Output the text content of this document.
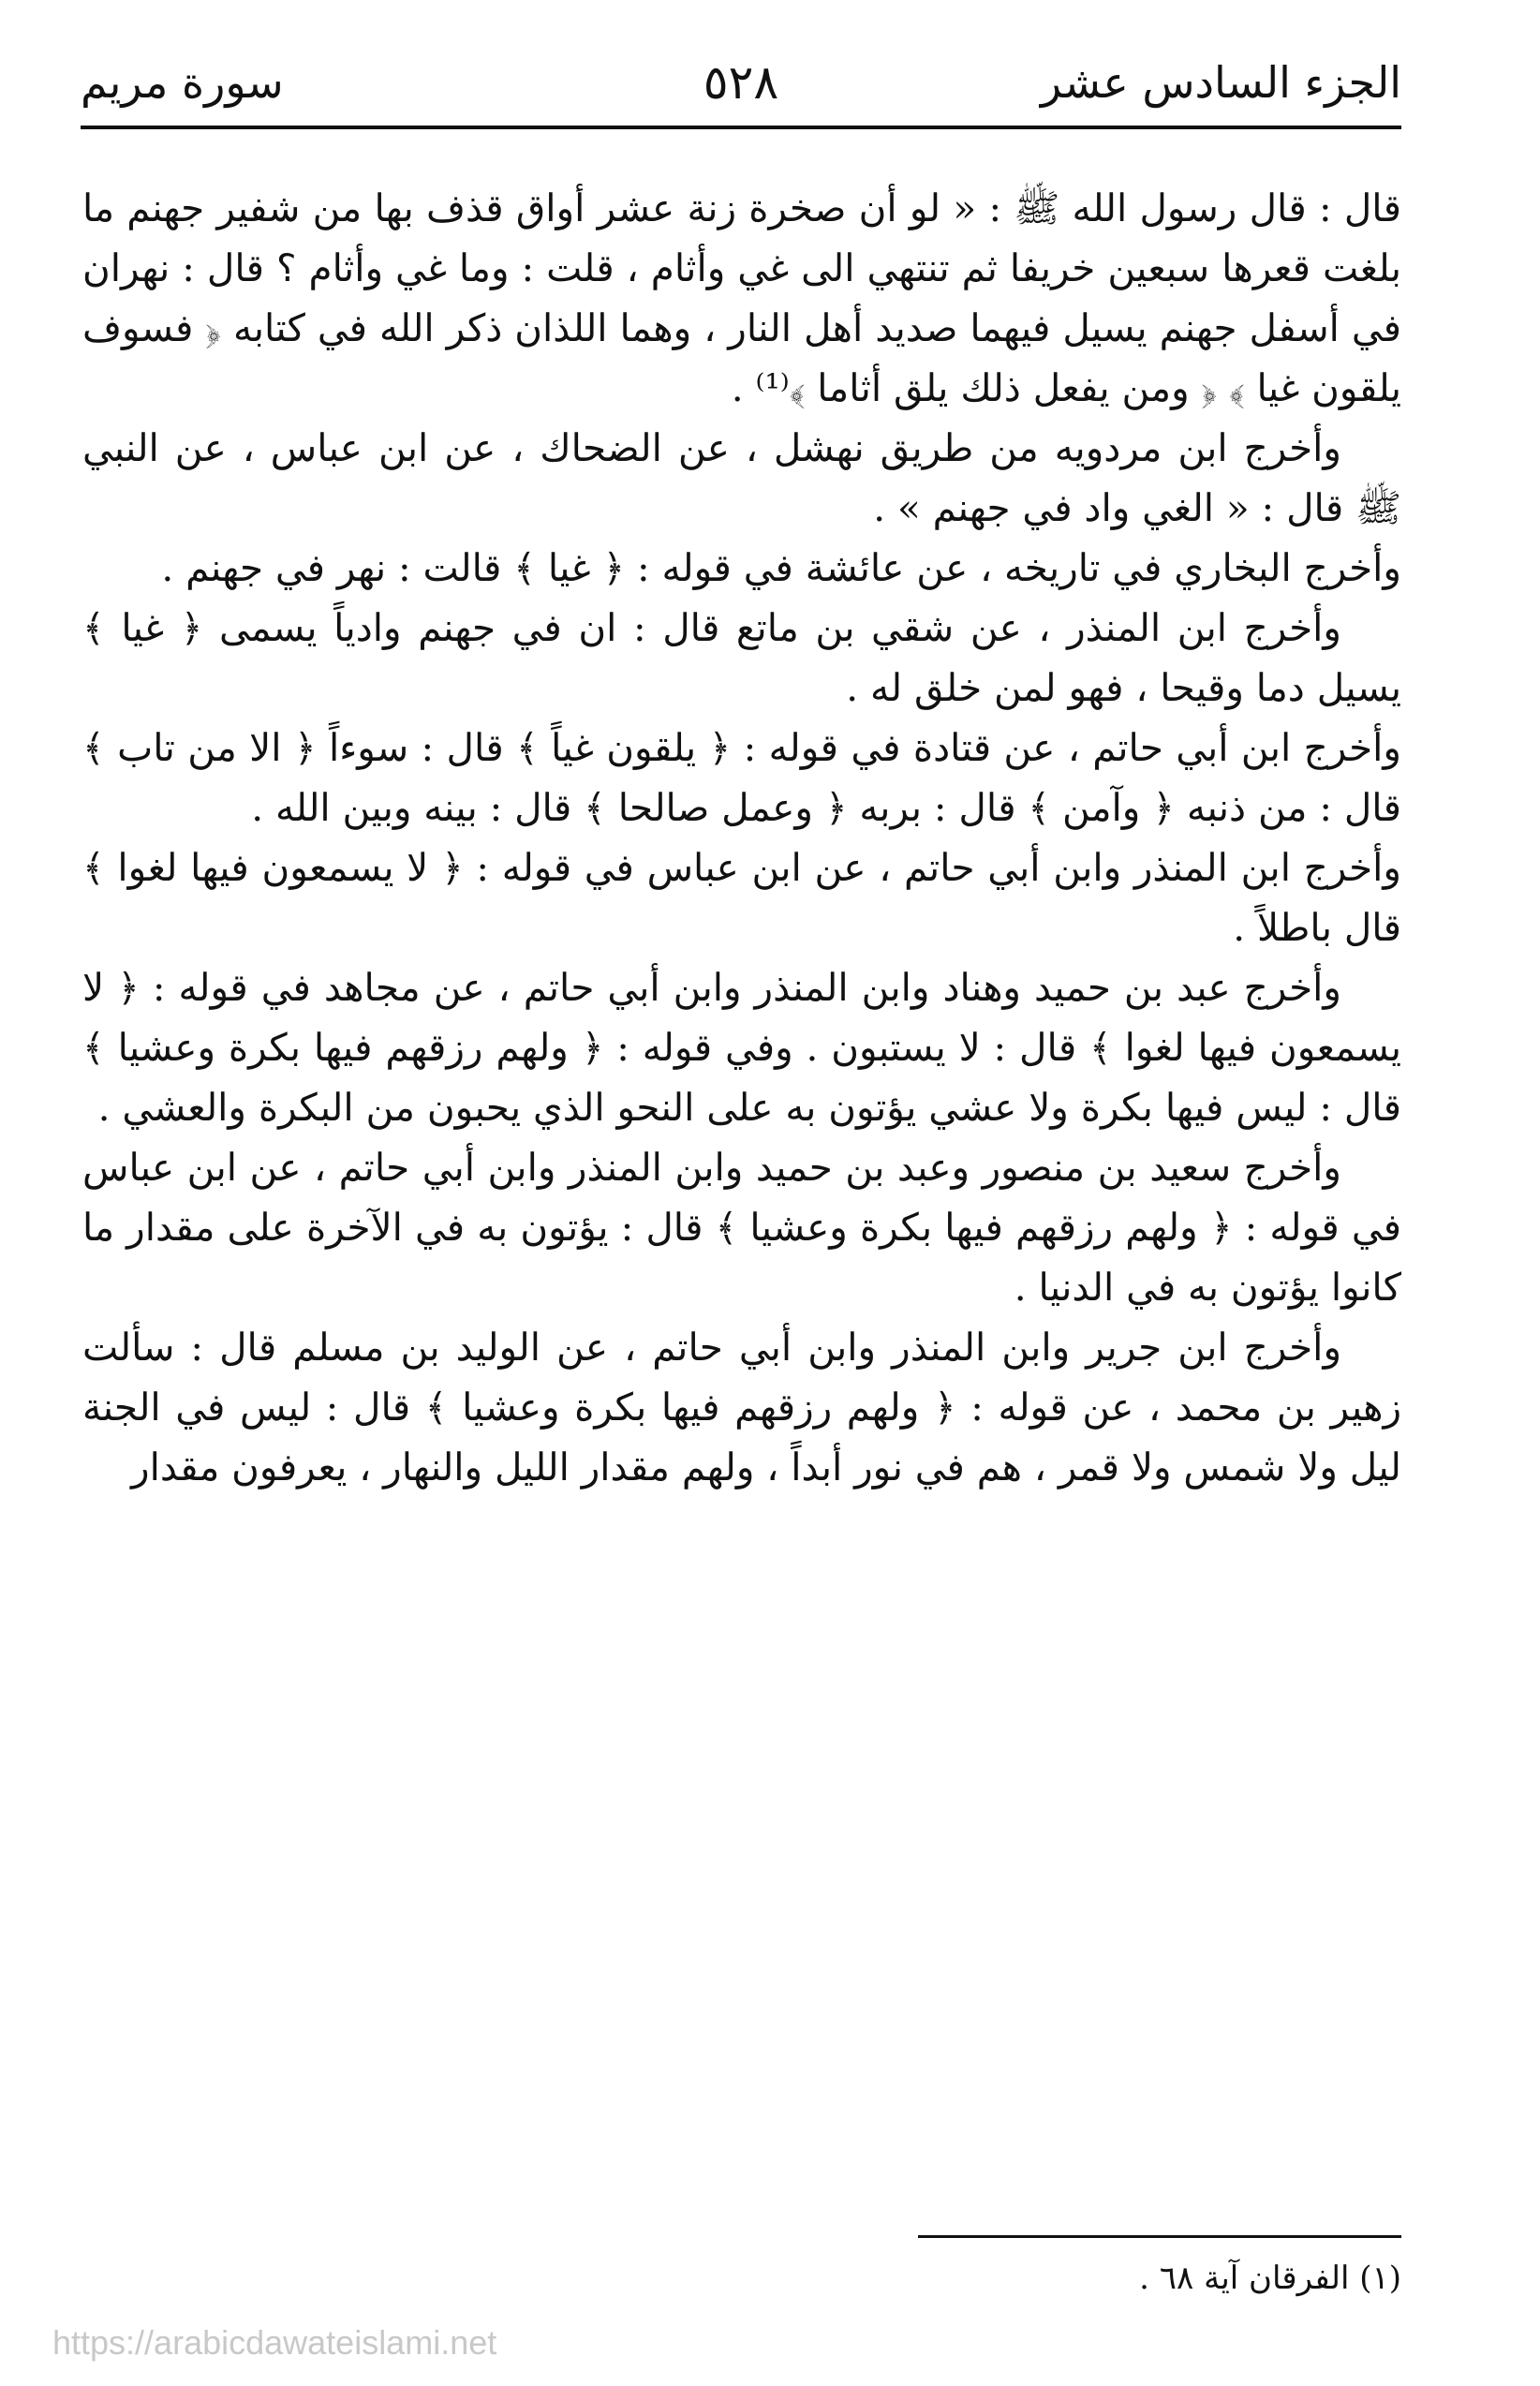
الجزء السادس عشر
٥٢٨
سورة مريم

قال : قال رسول الله ﷺ : « لو أن صخرة زنة عشر أواق قذف بها من شفير جهنم ما بلغت قعرها سبعين خريفا ثم تنتهي الى غي وأثام ، قلت : وما غي وأثام ؟ قال : نهران في أسفل جهنم يسيل فيهما صديد أهل النار ، وهما اللذان ذكر الله في كتابه ﴿ فسوف يلقون غيا ﴾ ﴿ ومن يفعل ذلك يلق أثاما ﴾⁽¹⁾ .

وأخرج ابن مردويه من طريق نهشل ، عن الضحاك ، عن ابن عباس ، عن النبي ﷺ قال : « الغي واد في جهنم » .

وأخرج البخاري في تاريخه ، عن عائشة في قوله : ﴿ غيا ﴾ قالت : نهر في جهنم .

وأخرج ابن المنذر ، عن شقي بن ماتع قال : ان في جهنم وادياً يسمى ﴿ غيا ﴾ يسيل دما وقيحا ، فهو لمن خلق له .

وأخرج ابن أبي حاتم ، عن قتادة في قوله : ﴿ يلقون غياً ﴾ قال : سوءاً ﴿ الا من تاب ﴾ قال : من ذنبه ﴿ وآمن ﴾ قال : بربه ﴿ وعمل صالحا ﴾ قال : بينه وبين الله .

وأخرج ابن المنذر وابن أبي حاتم ، عن ابن عباس في قوله : ﴿ لا يسمعون فيها لغوا ﴾ قال باطلاً .

وأخرج عبد بن حميد وهناد وابن المنذر وابن أبي حاتم ، عن مجاهد في قوله : ﴿ لا يسمعون فيها لغوا ﴾ قال : لا يستبون . وفي قوله : ﴿ ولهم رزقهم فيها بكرة وعشيا ﴾ قال : ليس فيها بكرة ولا عشي يؤتون به على النحو الذي يحبون من البكرة والعشي .

وأخرج سعيد بن منصور وعبد بن حميد وابن المنذر وابن أبي حاتم ، عن ابن عباس في قوله : ﴿ ولهم رزقهم فيها بكرة وعشيا ﴾ قال : يؤتون به في الآخرة على مقدار ما كانوا يؤتون به في الدنيا .

وأخرج ابن جرير وابن المنذر وابن أبي حاتم ، عن الوليد بن مسلم قال : سألت زهير بن محمد ، عن قوله : ﴿ ولهم رزقهم فيها بكرة وعشيا ﴾ قال : ليس في الجنة ليل ولا شمس ولا قمر ، هم في نور أبداً ، ولهم مقدار الليل والنهار ، يعرفون مقدار

(١) الفرقان آية ٦٨ .
https://arabicdawateislami.net
